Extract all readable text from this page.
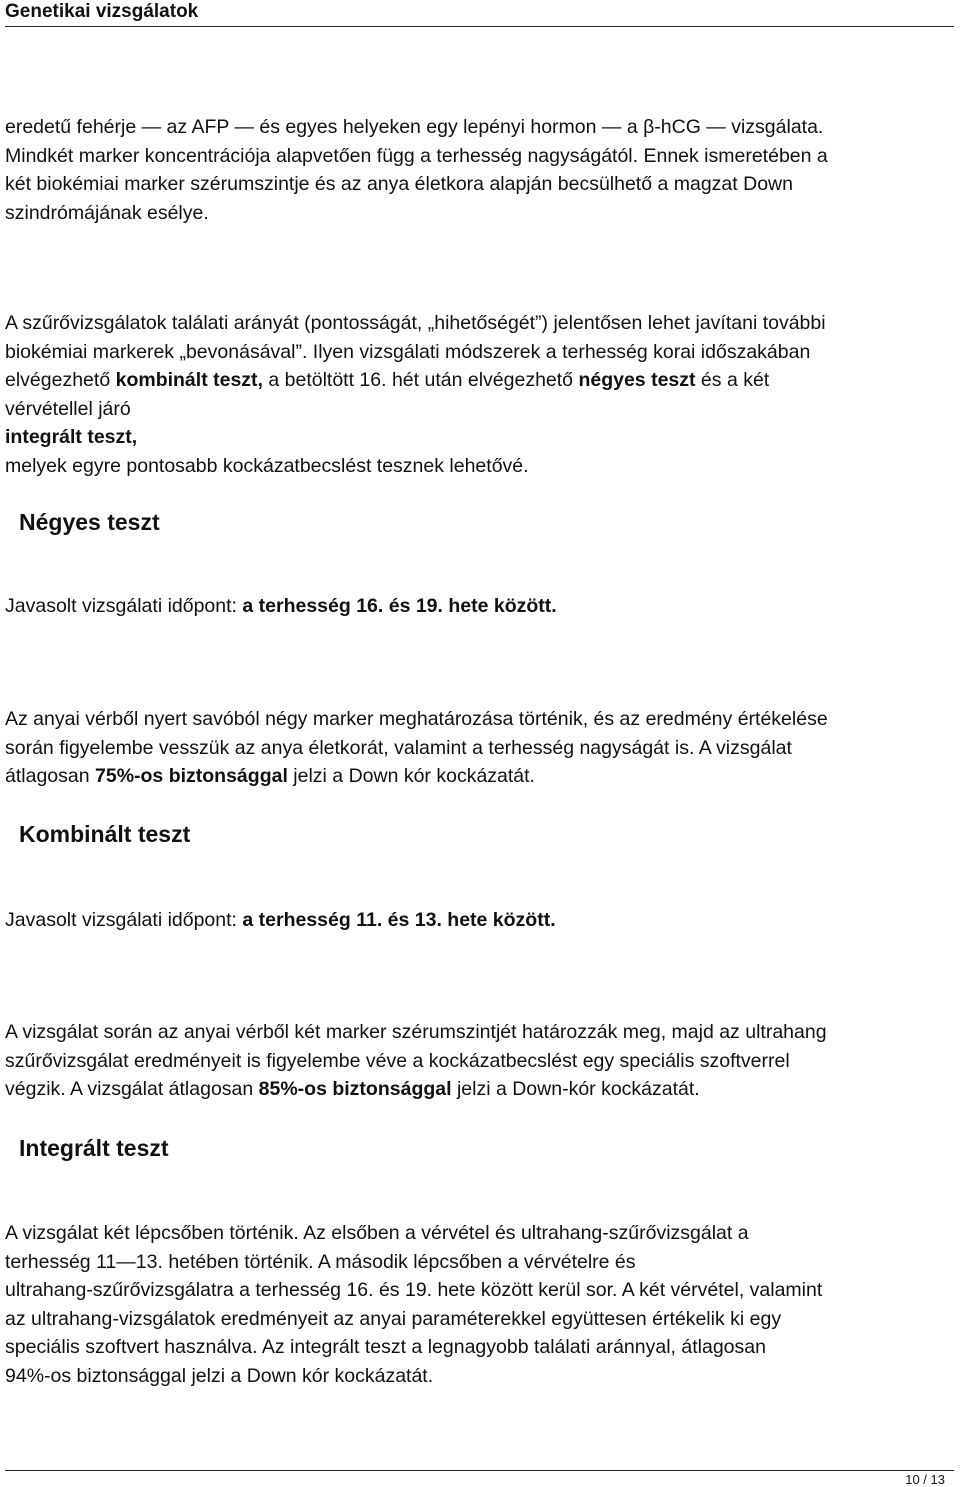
Genetikai vizsgálatok
eredetű fehérje — az AFP — és egyes helyeken egy lepényi hormon — a β-hCG — vizsgálata.
Mindkét marker koncentrációja alapvetően függ a terhesség nagyságától. Ennek ismeretében a
két biokémiai marker szérumszintje és az anya életkora alapján becsülhető a magzat Down
szindrómájának esélye.
A szűrővizsgálatok találati arányát (pontosságát, „hihetőségét”) jelentősen lehet javítani további
biokémiai markerek „bevonásával”. Ilyen vizsgálati módszerek a terhesség korai időszakában
elvégezhető kombinált teszt, a betöltött 16. hét után elvégezhető négyes teszt és a két
vérvétellel járó
integrált teszt,
melyek egyre pontosabb kockázatbecslést tesznek lehetővé.
Négyes teszt
Javasolt vizsgálati időpont: a terhesség 16. és 19. hete között.
Az anyai vérből nyert savóból négy marker meghatározása történik, és az eredmény értékelése
során figyelembe vesszük az anya életkorát, valamint a terhesség nagyságát is. A vizsgálat
átlagosan 75%-os biztonsággal jelzi a Down kór kockázatát.
Kombinált teszt
Javasolt vizsgálati időpont: a terhesség 11. és 13. hete között.
A vizsgálat során az anyai vérből két marker szérumszintjét határozzák meg, majd az ultrahang
szűrővizsgálat eredményeit is figyelembe véve a kockázatbecslést egy speciális szoftverrel
végzik. A vizsgálat átlagosan 85%-os biztonsággal jelzi a Down-kór kockázatát.
Integrált teszt
A vizsgálat két lépcsőben történik. Az elsőben a vérvétel és ultrahang-szűrővizsgálat a
terhesség 11—13. hetében történik. A második lépcsőben a vérvételre és
ultrahang-szűrővizsgálatra a terhesség 16. és 19. hete között kerül sor. A két vérvétel, valamint
az ultrahang-vizsgálatok eredményeit az anyai paraméterekkel együttesen értékelik ki egy
speciális szoftvert használva. Az integrált teszt a legnagyobb találati aránnyal, átlagosan
94%-os biztonsággal jelzi a Down kór kockázatát.
10 / 13
